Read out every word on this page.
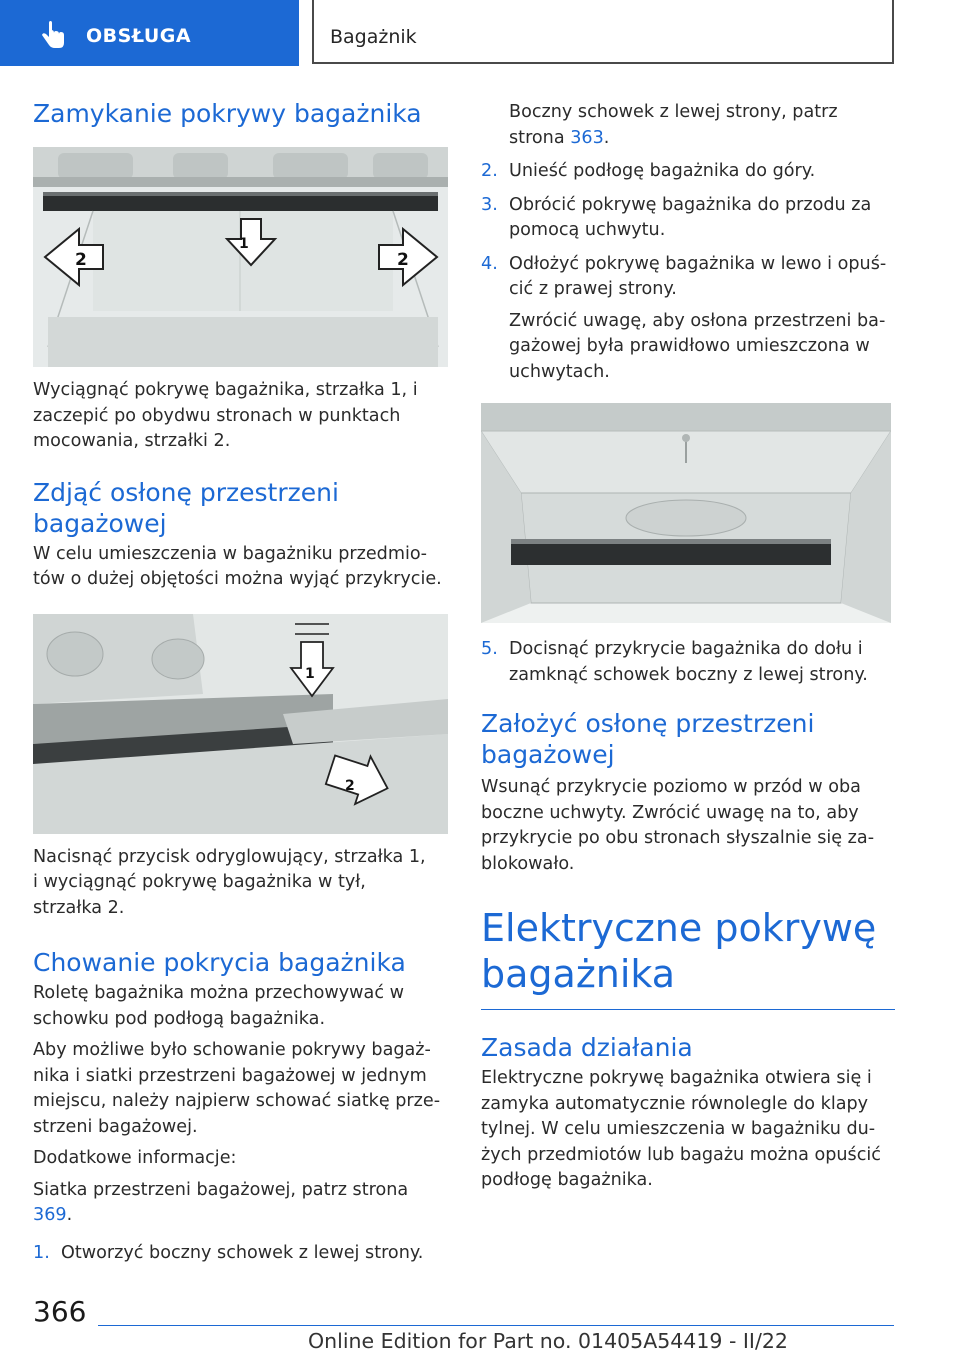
OBSŁUGA	Bagażnik
Zamykanie pokrywy bagażnika
1
2	2

Wyciągnąć pokrywę bagażnika, strzałka 1, i zaczepić po obydwu stronach w punktach mocowania, strzałki 2.

Zdjąć osłonę przestrzeni bagażowej

W celu umieszczenia w bagażniku przedmiotów o dużej objętości można wyjąć przykrycie.

1
2

Nacisnąć przycisk odryglowujący, strzałka 1,

i wyciągnąć pokrywę bagażnika w tył,

strzałka 2.

Chowanie pokrycia bagażnika

Roletę bagażnika można przechowywać w schowku pod podłogą bagażnika.

Aby możliwe było schowanie pokrywy bagażnika i siatki przestrzeni bagażowej w jednym miejscu, należy najpierw schować siatkę przestrzeni bagażowej.

Dodatkowe informacje:

Siatka przestrzeni bagażowej, patrz strona 369.

1. Otworzyć boczny schowek z lewej strony.
Boczny schowek z lewej strony, patrz strona 363.
2. Unieść podłogę bagażnika do góry.
3. Obrócić pokrywę bagażnika do przodu za pomocą uchwytu.
4. Odłożyć pokrywę bagażnika w lewo i opuścić z prawej strony.
Zwrócić uwagę, aby osłona przestrzeni bagażowej była prawidłowo umieszczona w uchwytach.
5. Docisnąć przykrycie bagażnika do dołu i zamknąć schowek boczny z lewej strony.
Założyć osłonę przestrzeni bagażowej

Wsunąć przykrycie poziomo w przód w oba boczne uchwyty. Zwrócić uwagę na to, aby przykrycie po obu stronach słyszalnie się zablokowało.

Elektryczne pokrywę bagażnika
Zasada działania

Elektryczne pokrywę bagażnika otwiera się i zamyka automatycznie równolegle do klapy tylnej. W celu umieszczenia w bagażniku dużych przedmiotów lub bagażu można opuścić podłogę bagażnika.

366
Online Edition for Part no. 01405A54419 - II/22
